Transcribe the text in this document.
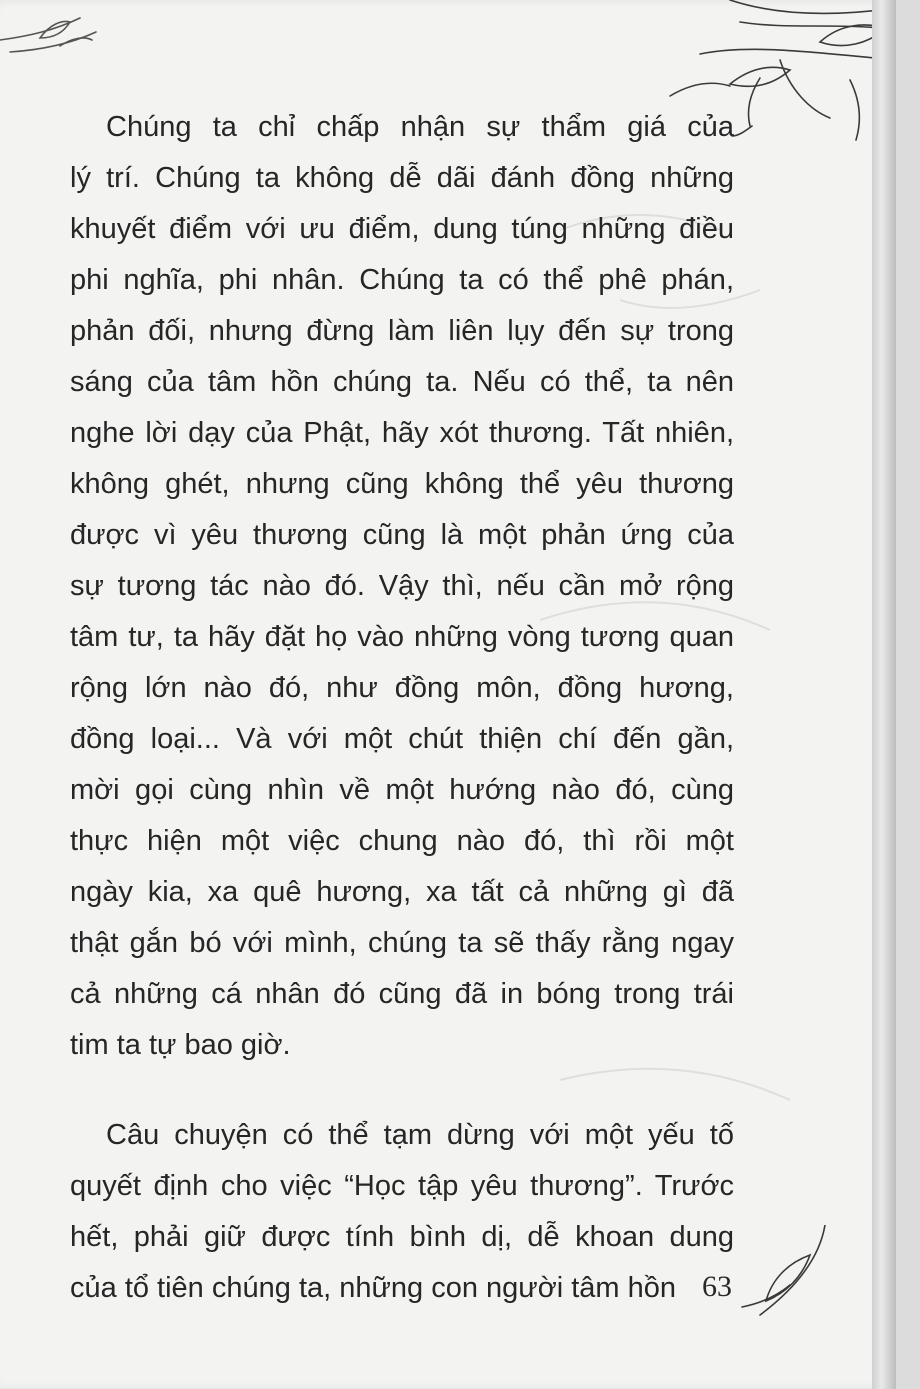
Chúng ta chỉ chấp nhận sự thẩm giá của

lý trí. Chúng ta không dễ dãi đánh đồng những

khuyết điểm với ưu điểm, dung túng những điều

phi nghĩa, phi nhân. Chúng ta có thể phê phán,

phản đối, nhưng đừng làm liên lụy đến sự trong

sáng của tâm hồn chúng ta. Nếu có thể, ta nên

nghe lời dạy của Phật, hãy xót thương. Tất nhiên,

không ghét, nhưng cũng không thể yêu thương

được vì yêu thương cũng là một phản ứng của

sự tương tác nào đó. Vậy thì, nếu cần mở rộng

tâm tư, ta hãy đặt họ vào những vòng tương quan

rộng lớn nào đó, như đồng môn, đồng hương,

đồng loại... Và với một chút thiện chí đến gần,

mời gọi cùng nhìn về một hướng nào đó, cùng

thực hiện một việc chung nào đó, thì rồi một

ngày kia, xa quê hương, xa tất cả những gì đã

thật gắn bó với mình, chúng ta sẽ thấy rằng ngay

cả những cá nhân đó cũng đã in bóng trong trái

tim ta tự bao giờ.

Câu chuyện có thể tạm dừng với một yếu tố

quyết định cho việc “Học tập yêu thương”. Trước

hết, phải giữ được tính bình dị, dễ khoan dung

của tổ tiên chúng ta, những con người tâm hồn 63
